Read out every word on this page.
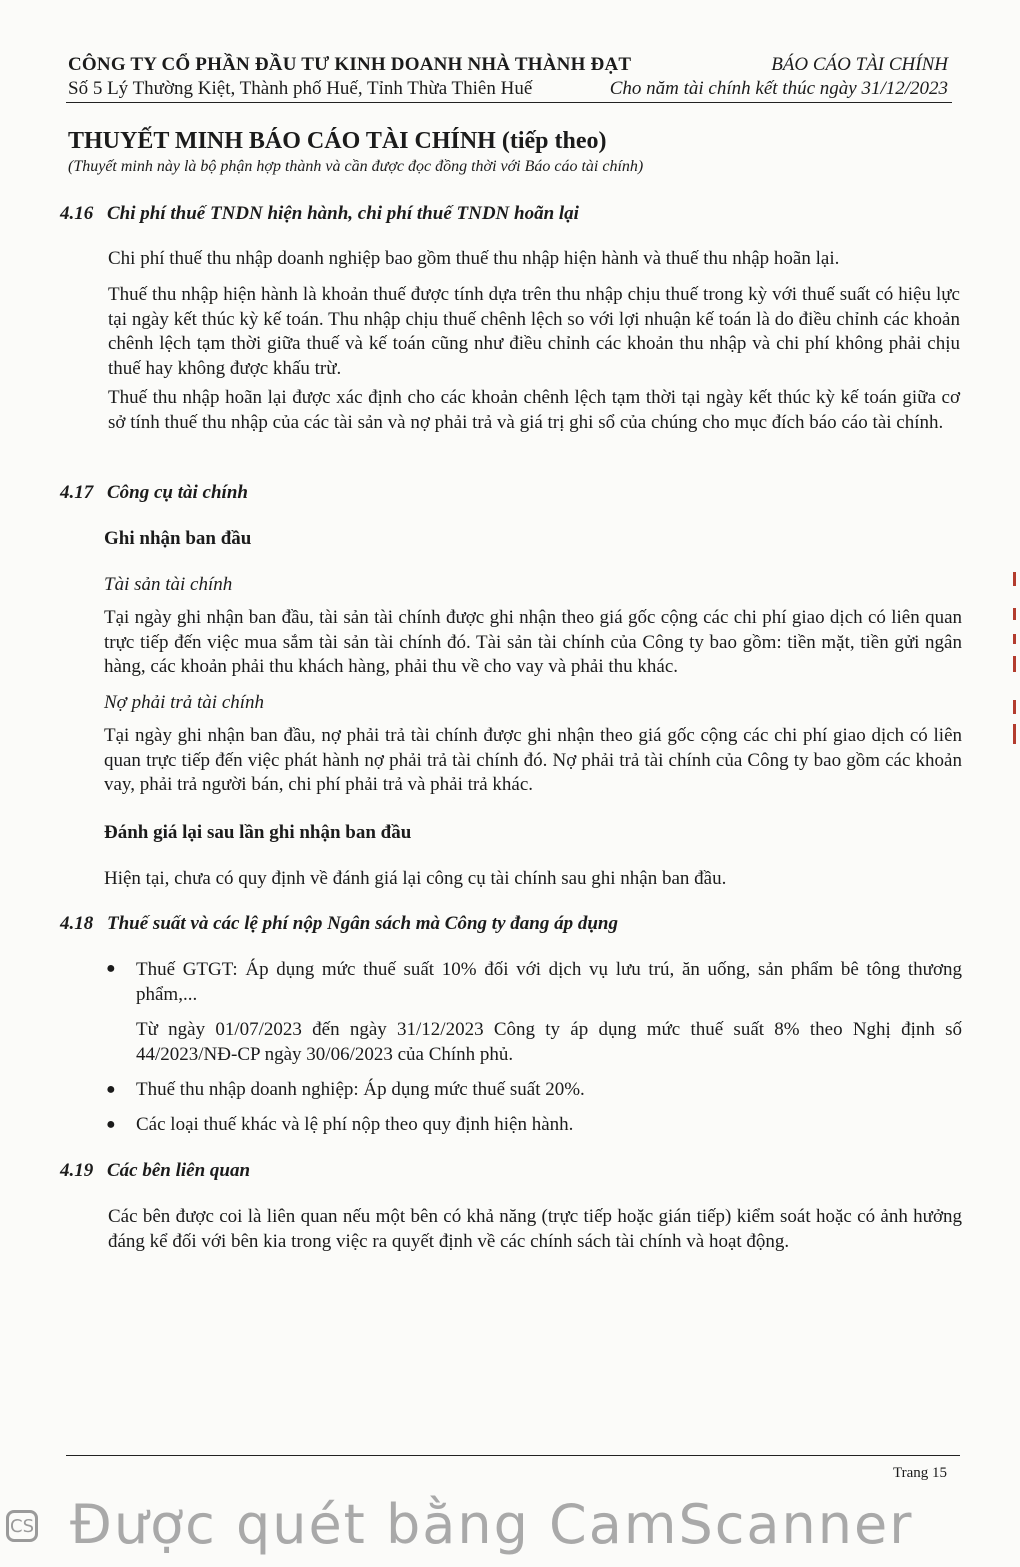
CÔNG TY CỔ PHẦN ĐẦU TƯ KINH DOANH NHÀ THÀNH ĐẠT	BÁO CÁO TÀI CHÍNH
Số 5 Lý Thường Kiệt, Thành phố Huế, Tỉnh Thừa Thiên Huế	Cho năm tài chính kết thúc ngày 31/12/2023
THUYẾT MINH BÁO CÁO TÀI CHÍNH (tiếp theo)
(Thuyết minh này là bộ phận hợp thành và cần được đọc đồng thời với Báo cáo tài chính)
4.16 Chi phí thuế TNDN hiện hành, chi phí thuế TNDN hoãn lại
Chi phí thuế thu nhập doanh nghiệp bao gồm thuế thu nhập hiện hành và thuế thu nhập hoãn lại.
Thuế thu nhập hiện hành là khoản thuế được tính dựa trên thu nhập chịu thuế trong kỳ với thuế suất có hiệu lực tại ngày kết thúc kỳ kế toán. Thu nhập chịu thuế chênh lệch so với lợi nhuận kế toán là do điều chỉnh các khoản chênh lệch tạm thời giữa thuế và kế toán cũng như điều chỉnh các khoản thu nhập và chi phí không phải chịu thuế hay không được khấu trừ.
Thuế thu nhập hoãn lại được xác định cho các khoản chênh lệch tạm thời tại ngày kết thúc kỳ kế toán giữa cơ sở tính thuế thu nhập của các tài sản và nợ phải trả và giá trị ghi sổ của chúng cho mục đích báo cáo tài chính.
4.17 Công cụ tài chính
Ghi nhận ban đầu
Tài sản tài chính
Tại ngày ghi nhận ban đầu, tài sản tài chính được ghi nhận theo giá gốc cộng các chi phí giao dịch có liên quan trực tiếp đến việc mua sắm tài sản tài chính đó. Tài sản tài chính của Công ty bao gồm: tiền mặt, tiền gửi ngân hàng, các khoản phải thu khách hàng, phải thu về cho vay và phải thu khác.
Nợ phải trả tài chính
Tại ngày ghi nhận ban đầu, nợ phải trả tài chính được ghi nhận theo giá gốc cộng các chi phí giao dịch có liên quan trực tiếp đến việc phát hành nợ phải trả tài chính đó. Nợ phải trả tài chính của Công ty bao gồm các khoản vay, phải trả người bán, chi phí phải trả và phải trả khác.
Đánh giá lại sau lần ghi nhận ban đầu
Hiện tại, chưa có quy định về đánh giá lại công cụ tài chính sau ghi nhận ban đầu.
4.18 Thuế suất và các lệ phí nộp Ngân sách mà Công ty đang áp dụng
● Thuế GTGT: Áp dụng mức thuế suất 10% đối với dịch vụ lưu trú, ăn uống, sản phẩm bê tông thương phẩm,...
Từ ngày 01/07/2023 đến ngày 31/12/2023 Công ty áp dụng mức thuế suất 8% theo Nghị định số 44/2023/NĐ-CP ngày 30/06/2023 của Chính phủ.
● Thuế thu nhập doanh nghiệp: Áp dụng mức thuế suất 20%.
● Các loại thuế khác và lệ phí nộp theo quy định hiện hành.
4.19 Các bên liên quan
Các bên được coi là liên quan nếu một bên có khả năng (trực tiếp hoặc gián tiếp) kiểm soát hoặc có ảnh hưởng đáng kể đối với bên kia trong việc ra quyết định về các chính sách tài chính và hoạt động.
Trang 15
CS Được quét bằng CamScanner
